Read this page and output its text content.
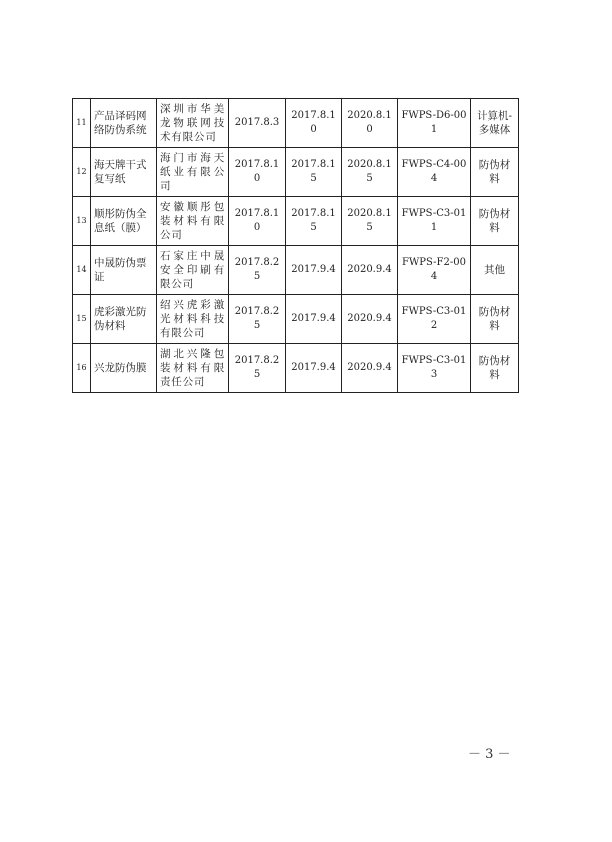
11	产品译码网络防伪系统	深圳市华美龙物联网技术有限公司	2017.8.3	2017.8.10	2020.8.10	FWPS-D6-001	计算机-多媒体
12	海天牌干式复写纸	海门市海天纸业有限公司	2017.8.10	2017.8.15	2020.8.15	FWPS-C4-004	防伪材料
13	顺彤防伪全息纸（膜）	安徽顺彤包装材料有限公司	2017.8.10	2017.8.15	2020.8.15	FWPS-C3-011	防伪材料
14	中晟防伪票证	石家庄中晟安全印刷有限公司	2017.8.25	2017.9.4	2020.9.4	FWPS-F2-004	其他
15	虎彩激光防伪材料	绍兴虎彩激光材料科技有限公司	2017.8.25	2017.9.4	2020.9.4	FWPS-C3-012	防伪材料
16	兴龙防伪膜	湖北兴隆包装材料有限责任公司	2017.8.25	2017.9.4	2020.9.4	FWPS-C3-013	防伪材料
－ 3 －
